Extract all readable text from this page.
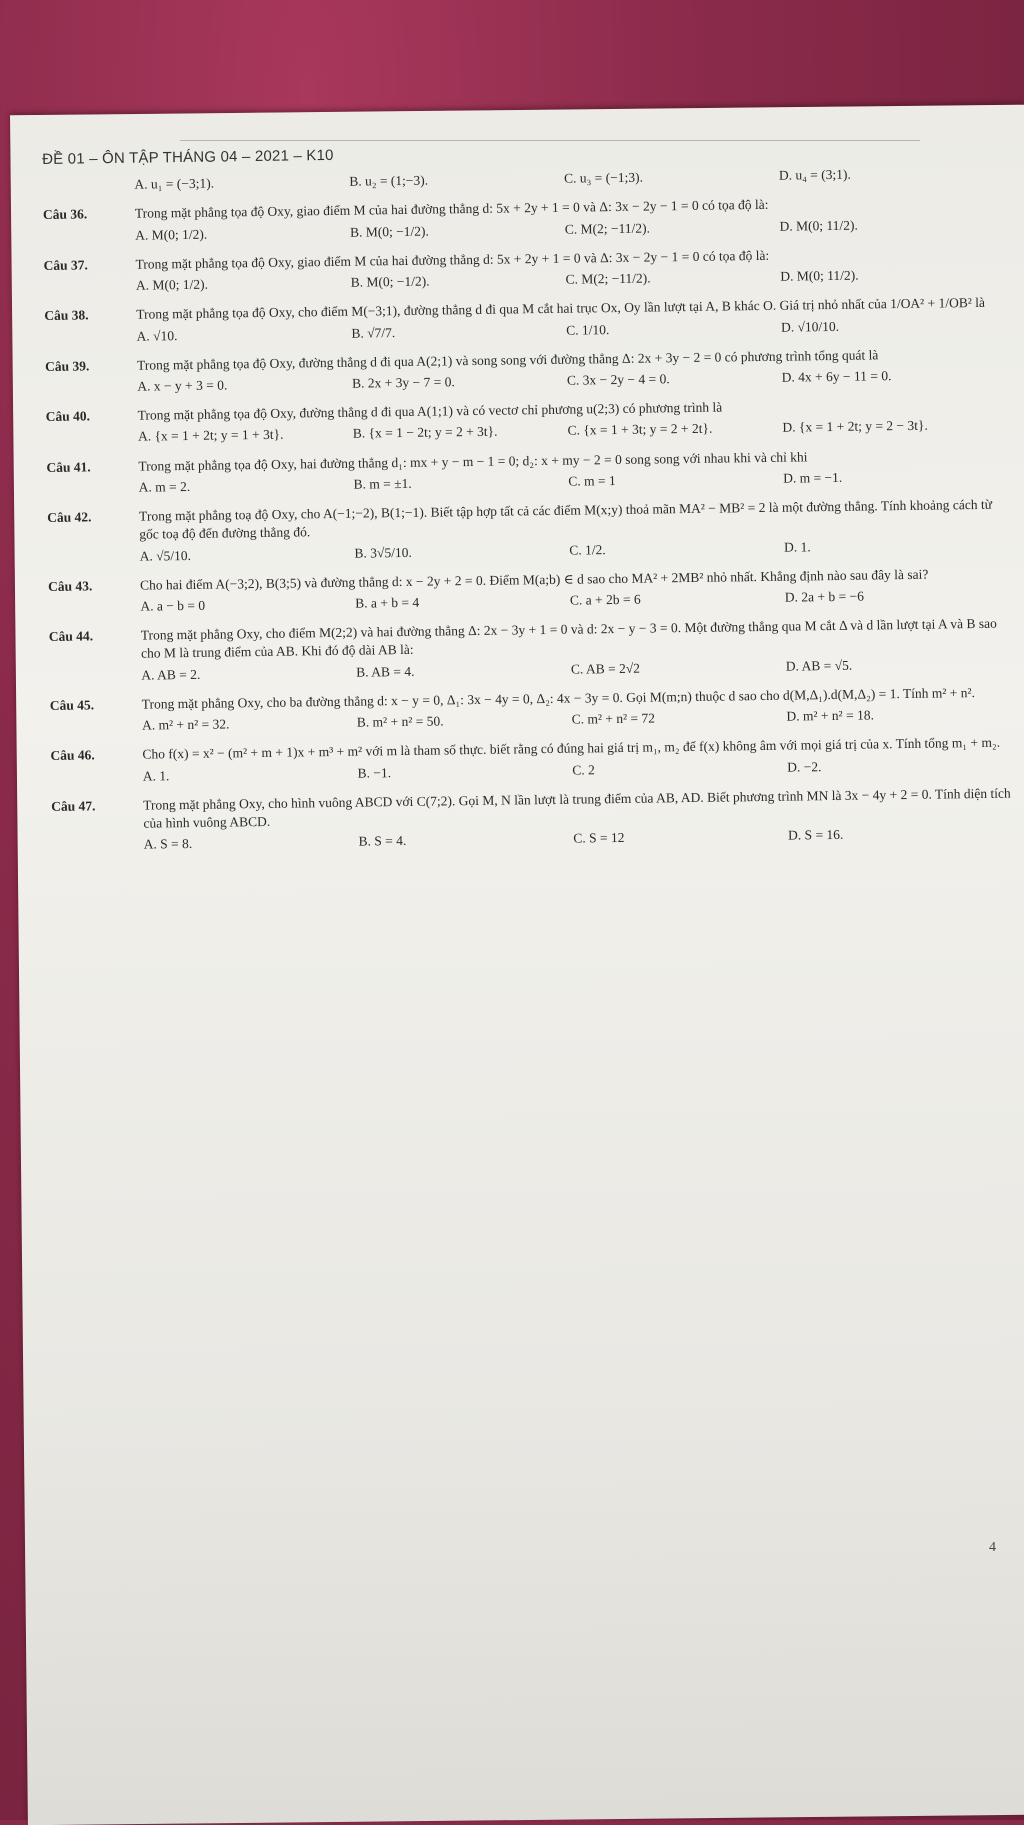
ĐỀ 01 – ÔN TẬP THÁNG 04 – 2021 – K10
A. u₁ = (−3;1).	B. u₂ = (1;−3).	C. u₃ = (−1;3).	D. u₄ = (3;1).
Câu 36.	Trong mặt phẳng tọa độ Oxy, giao điểm M của hai đường thẳng d: 5x + 2y + 1 = 0 và Δ: 3x − 2y − 1 = 0 có tọa độ là:
A. M(0; 1/2).	B. M(0; −1/2).	C. M(2; −11/2).	D. M(0; 11/2).
Câu 37.	Trong mặt phẳng tọa độ Oxy, giao điểm M của hai đường thẳng d: 5x + 2y + 1 = 0 và Δ: 3x − 2y − 1 = 0 có tọa độ là:
A. M(0; 1/2).	B. M(0; −1/2).	C. M(2; −11/2).	D. M(0; 11/2).
Câu 38.	Trong mặt phẳng tọa độ Oxy, cho điểm M(−3;1), đường thẳng d đi qua M cắt hai trục Ox, Oy lần lượt tại A, B khác O. Giá trị nhỏ nhất của 1/OA² + 1/OB² là
A. √10.	B. √7/7.	C. 1/10.	D. √10/10.
Câu 39.	Trong mặt phẳng tọa độ Oxy, đường thẳng d đi qua A(2;1) và song song với đường thẳng Δ: 2x + 3y − 2 = 0 có phương trình tổng quát là
A. x − y + 3 = 0.	B. 2x + 3y − 7 = 0.	C. 3x − 2y − 4 = 0.	D. 4x + 6y − 11 = 0.
Câu 40.	Trong mặt phẳng tọa độ Oxy, đường thẳng d đi qua A(1;1) và có vectơ chỉ phương u(2;3) có phương trình là
A. {x = 1 + 2t; y = 1 + 3t}.	B. {x = 1 − 2t; y = 2 + 3t}.	C. {x = 1 + 3t; y = 2 + 2t}.	D. {x = 1 + 2t; y = 2 − 3t}.
Câu 41.	Trong mặt phẳng tọa độ Oxy, hai đường thẳng d₁: mx + y − m − 1 = 0; d₂: x + my − 2 = 0 song song với nhau khi và chỉ khi
A. m = 2.	B. m = ±1.	C. m = 1	D. m = −1.
Câu 42.	Trong mặt phẳng toạ độ Oxy, cho A(−1;−2), B(1;−1). Biết tập hợp tất cả các điểm M(x;y) thoả mãn MA² − MB² = 2 là một đường thẳng. Tính khoảng cách từ gốc toạ độ đến đường thẳng đó.
A. √5/10.	B. 3√5/10.	C. 1/2.	D. 1.
Câu 43.	Cho hai điểm A(−3;2), B(3;5) và đường thẳng d: x − 2y + 2 = 0. Điểm M(a;b) ∈ d sao cho MA² + 2MB² nhỏ nhất. Khẳng định nào sau đây là sai?
A. a − b = 0	B. a + b = 4	C. a + 2b = 6	D. 2a + b = −6
Câu 44.	Trong mặt phẳng Oxy, cho điểm M(2;2) và hai đường thẳng Δ: 2x − 3y + 1 = 0 và d: 2x − y − 3 = 0. Một đường thẳng qua M cắt Δ và d lần lượt tại A và B sao cho M là trung điểm của AB. Khi đó độ dài AB là:
A. AB = 2.	B. AB = 4.	C. AB = 2√2	D. AB = √5.
Câu 45.	Trong mặt phẳng Oxy, cho ba đường thẳng d: x − y = 0, Δ₁: 3x − 4y = 0, Δ₂: 4x − 3y = 0. Gọi M(m;n) thuộc d sao cho d(M,Δ₁).d(M,Δ₂) = 1. Tính m² + n².
A. m² + n² = 32.	B. m² + n² = 50.	C. m² + n² = 72	D. m² + n² = 18.
Câu 46.	Cho f(x) = x² − (m² + m + 1)x + m³ + m² với m là tham số thực. biết rằng có đúng hai giá trị m₁, m₂ để f(x) không âm với mọi giá trị của x. Tính tổng m₁ + m₂.
A. 1.	B. −1.	C. 2	D. −2.
Câu 47.	Trong mặt phẳng Oxy, cho hình vuông ABCD với C(7;2). Gọi M, N lần lượt là trung điểm của AB, AD. Biết phương trình MN là 3x − 4y + 2 = 0. Tính diện tích của hình vuông ABCD.
A. S = 8.	B. S = 4.	C. S = 12	D. S = 16.
4
